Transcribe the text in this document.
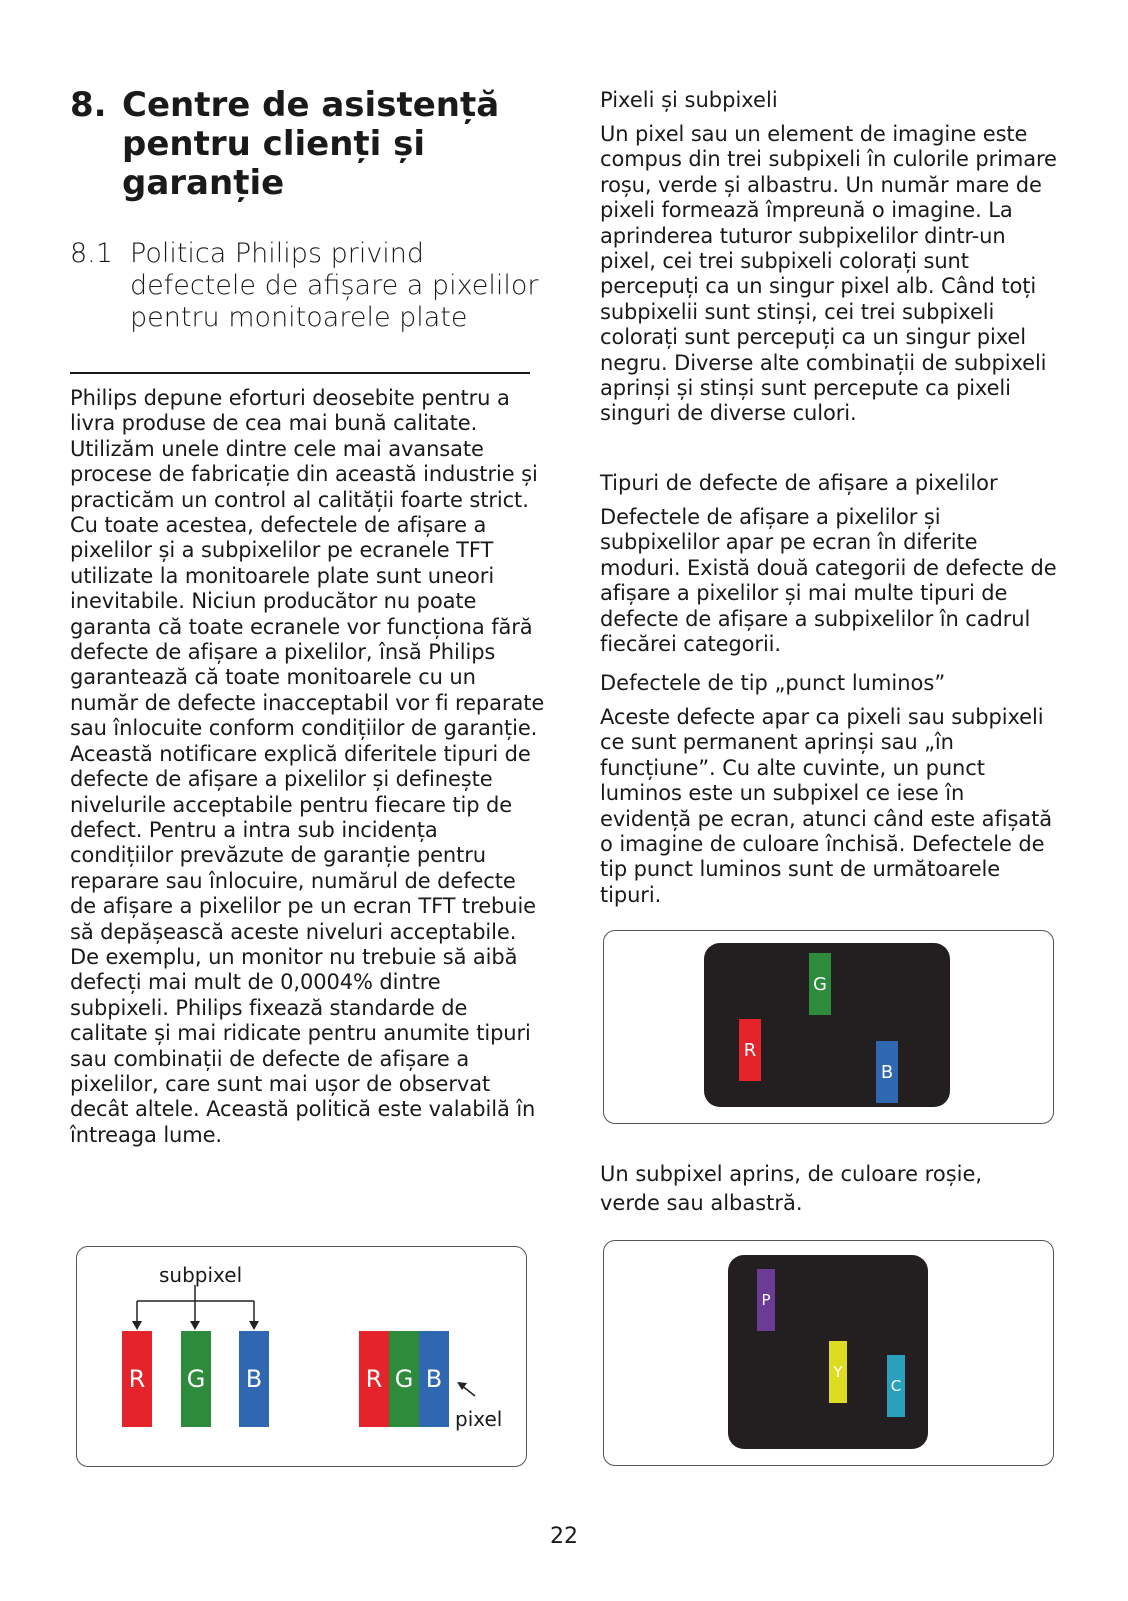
8. Centre de asistență pentru clienți și garanție
8.1 Politica Philips privind defectele de afișare a pixelilor pentru monitoarele plate
Philips depune eforturi deosebite pentru a livra produse de cea mai bună calitate. Utilizăm unele dintre cele mai avansate procese de fabricație din această industrie și practicăm un control al calității foarte strict. Cu toate acestea, defectele de afișare a pixelilor și a subpixelilor pe ecranele TFT utilizate la monitoarele plate sunt uneori inevitabile. Niciun producător nu poate garanta că toate ecranele vor funcționa fără defecte de afișare a pixelilor, însă Philips garantează că toate monitoarele cu un număr de defecte inacceptabil vor fi reparate sau înlocuite conform condițiilor de garanție. Această notificare explică diferitele tipuri de defecte de afișare a pixelilor și definește nivelurile acceptabile pentru fiecare tip de defect. Pentru a intra sub incidența condițiilor prevăzute de garanție pentru reparare sau înlocuire, numărul de defecte de afișare a pixelilor pe un ecran TFT trebuie să depășească aceste niveluri acceptabile. De exemplu, un monitor nu trebuie să aibă defecți mai mult de 0,0004% dintre subpixeli. Philips fixează standarde de calitate și mai ridicate pentru anumite tipuri sau combinații de defecte de afișare a pixelilor, care sunt mai ușor de observat decât altele. Această politică este valabilă în întreaga lume.
subpixel
R G B	R G B
pixel
Pixeli și subpixeli
Un pixel sau un element de imagine este compus din trei subpixeli în culorile primare roșu, verde și albastru. Un număr mare de pixeli formează împreună o imagine. La aprinderea tuturor subpixelilor dintr-un pixel, cei trei subpixeli colorați sunt percepuți ca un singur pixel alb. Când toți subpixelii sunt stinși, cei trei subpixeli colorați sunt percepuți ca un singur pixel negru. Diverse alte combinații de subpixeli aprinși și stinși sunt percepute ca pixeli singuri de diverse culori.
Tipuri de defecte de afișare a pixelilor
Defectele de afișare a pixelilor și subpixelilor apar pe ecran în diferite moduri. Există două categorii de defecte de afișare a pixelilor și mai multe tipuri de defecte de afișare a subpixelilor în cadrul fiecărei categorii.
Defectele de tip „punct luminos”
Aceste defecte apar ca pixeli sau subpixeli ce sunt permanent aprinși sau „în funcțiune”. Cu alte cuvinte, un punct luminos este un subpixel ce iese în evidență pe ecran, atunci când este afișată o imagine de culoare închisă. Defectele de tip punct luminos sunt de următoarele tipuri.
G
R
B
Un subpixel aprins, de culoare roșie,
verde sau albastră.
P
Y
C
22
